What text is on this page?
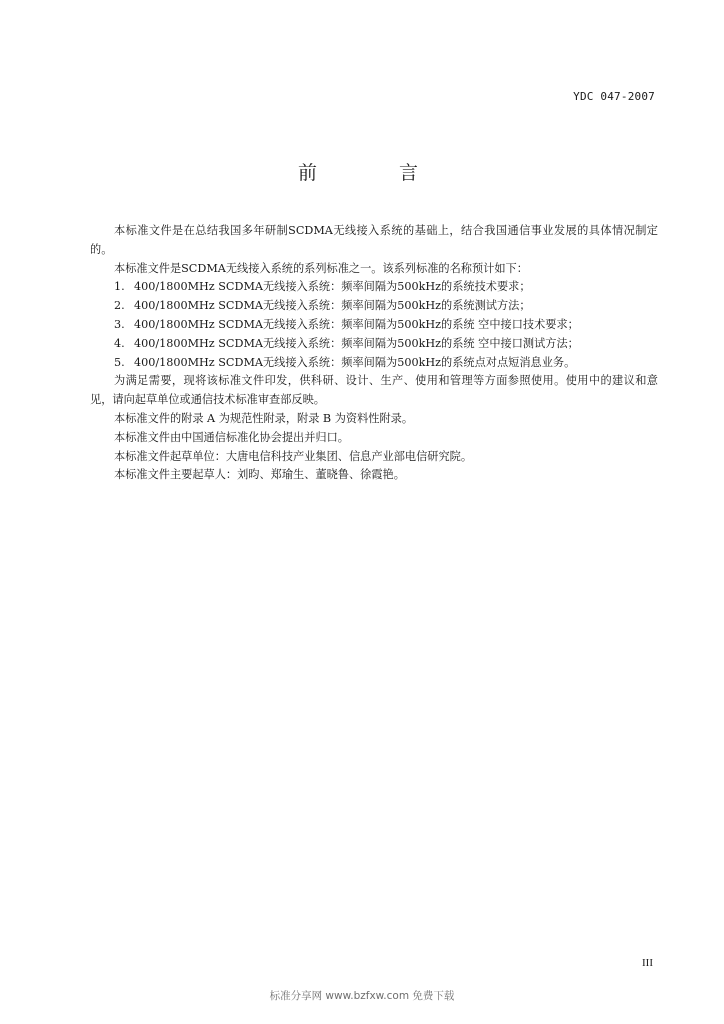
YDC 047-2007
前 言

本标准文件是在总结我国多年研制SCDMA无线接入系统的基础上，结合我国通信事业发展的具体情况制定的。

本标准文件是SCDMA无线接入系统的系列标准之一。该系列标准的名称预计如下：

1. 400/1800MHz SCDMA无线接入系统：频率间隔为500kHz的系统技术要求；

2. 400/1800MHz SCDMA无线接入系统：频率间隔为500kHz的系统测试方法；

3. 400/1800MHz SCDMA无线接入系统：频率间隔为500kHz的系统 空中接口技术要求；

4. 400/1800MHz SCDMA无线接入系统：频率间隔为500kHz的系统 空中接口测试方法；

5. 400/1800MHz SCDMA无线接入系统：频率间隔为500kHz的系统点对点短消息业务。

为满足需要，现将该标准文件印发，供科研、设计、生产、使用和管理等方面参照使用。使用中的建议和意见，请向起草单位或通信技术标准审查部反映。

本标准文件的附录 A 为规范性附录，附录 B 为资料性附录。

本标准文件由中国通信标准化协会提出并归口。

本标准文件起草单位：大唐电信科技产业集团、信息产业部电信研究院。

本标准文件主要起草人：刘昀、郑瑜生、董晓鲁、徐霞艳。

III
标准分享网 www.bzfxw.com 免费下载
